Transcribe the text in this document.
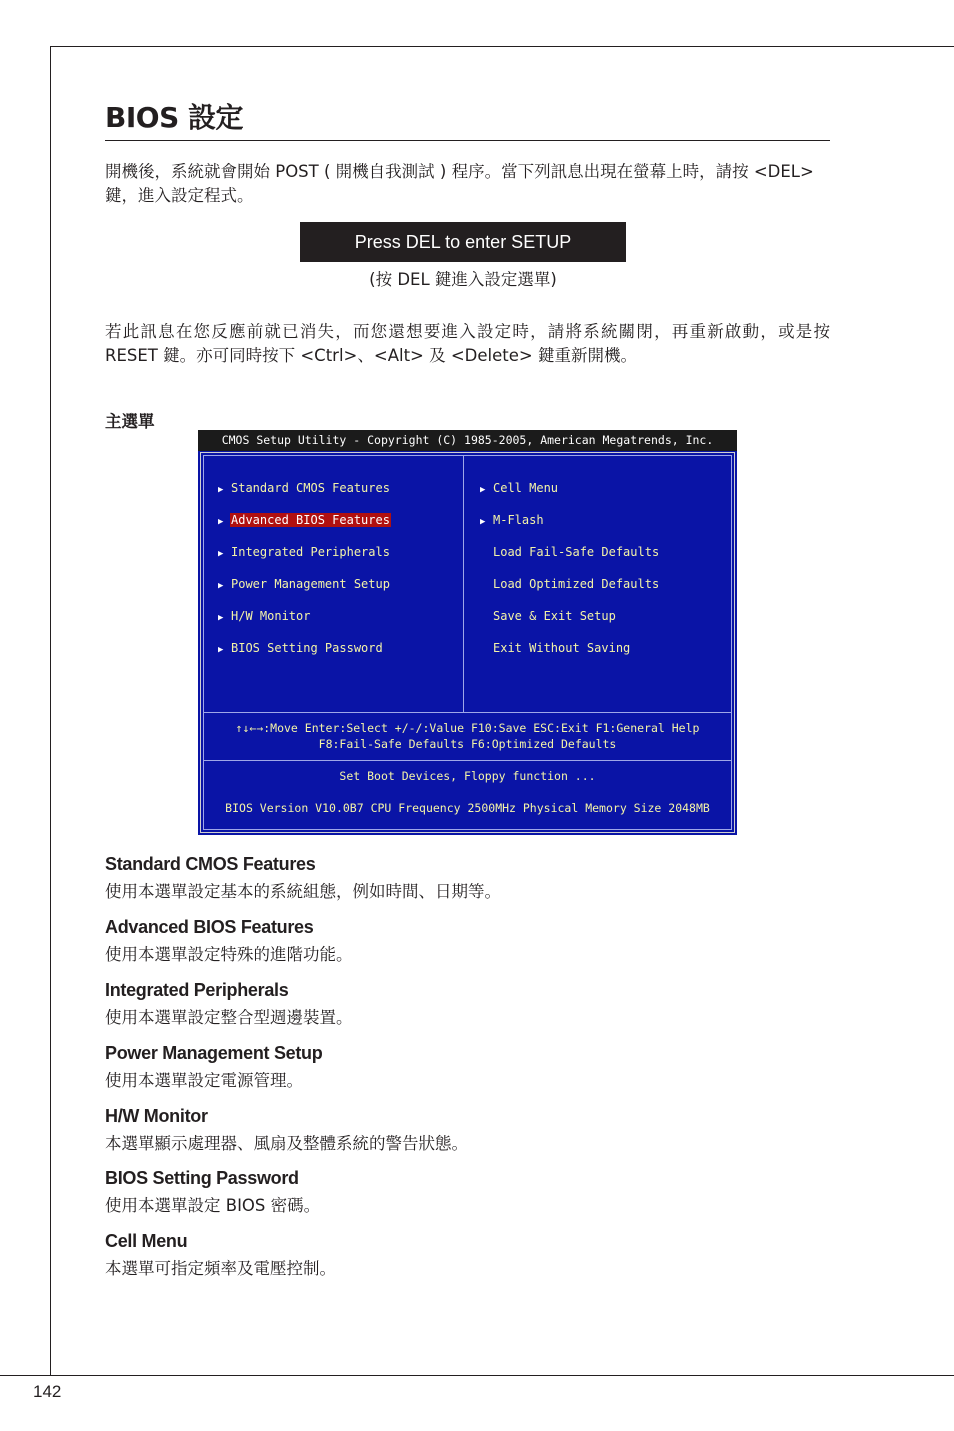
BIOS 設定

開機後，系統就會開始 POST ( 開機自我測試 ) 程序。當下列訊息出現在螢幕上時，請按 <DEL> 鍵，進入設定程式。

Press DEL to enter SETUP
(按 DEL 鍵進入設定選單)

若此訊息在您反應前就已消失，而您還想要進入設定時，請將系統關閉，再重新啟動，或是按 RESET 鍵。亦可同時按下 <Ctrl>、<Alt> 及 <Delete> 鍵重新開機。

主選單
CMOS Setup Utility - Copyright (C) 1985-2005, American Megatrends, Inc.
▶ Standard CMOS Features
▶ Advanced BIOS Features
▶ Integrated Peripherals
▶ Power Management Setup
▶ H/W Monitor
▶ BIOS Setting Password
▶ Cell Menu
▶ M-Flash
Load Fail-Safe Defaults
Load Optimized Defaults
Save & Exit Setup
Exit Without Saving
↑↓←→:Move Enter:Select +/-/:Value F10:Save ESC:Exit F1:General Help
F8:Fail-Safe Defaults F6:Optimized Defaults
Set Boot Devices, Floppy function ...
BIOS Version V10.0B7 CPU Frequency 2500MHz Physical Memory Size 2048MB
Standard CMOS Features
使用本選單設定基本的系統組態，例如時間、日期等。
Advanced BIOS Features
使用本選單設定特殊的進階功能。
Integrated Peripherals
使用本選單設定整合型週邊裝置。
Power Management Setup
使用本選單設定電源管理。
H/W Monitor
本選單顯示處理器、風扇及整體系統的警告狀態。
BIOS Setting Password
使用本選單設定 BIOS 密碼。
Cell Menu
本選單可指定頻率及電壓控制。
142
